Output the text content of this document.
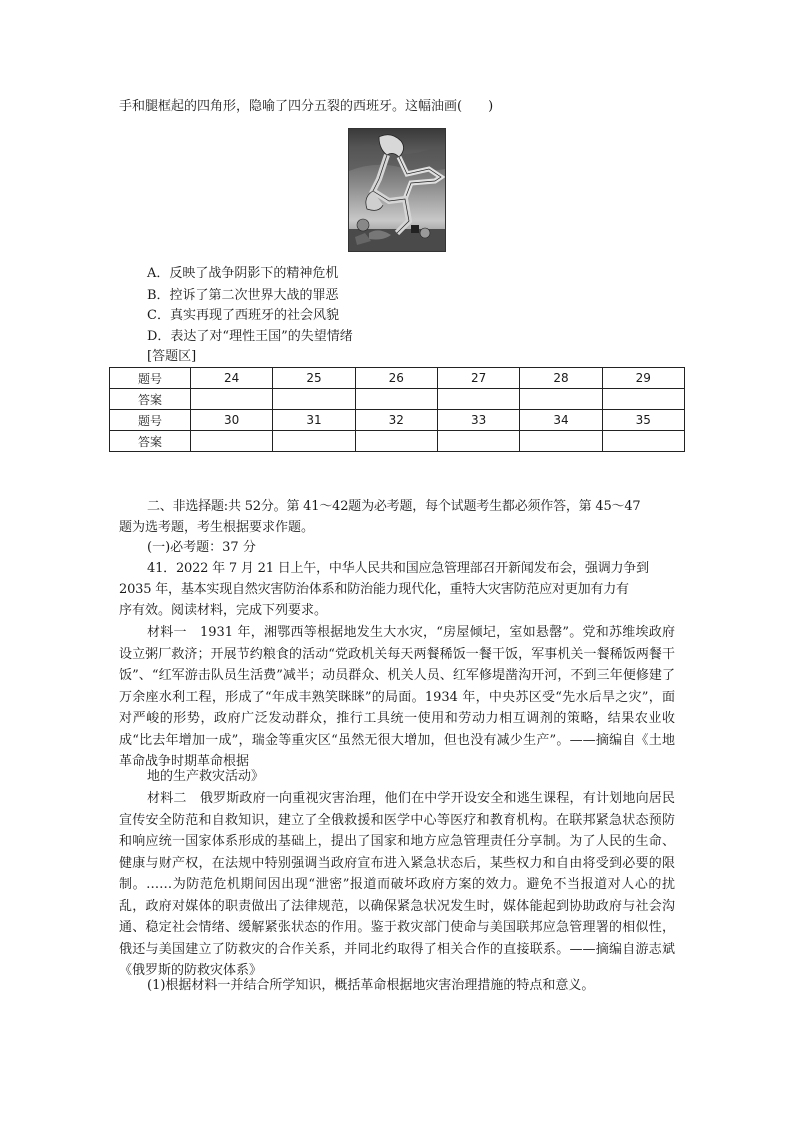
手和腿框起的四角形，隐喻了四分五裂的西班牙。这幅油画(　　)
A．反映了战争阴影下的精神危机
B．控诉了第二次世界大战的罪恶
C．真实再现了西班牙的社会风貌
D．表达了对“理性王国”的失望情绪
[答题区]
题号	24	25	26	27	28	29
答案						
题号	30	31	32	33	34	35
答案						
二、非选择题:共 52分。第 41～42题为必考题，每个试题考生都必须作答，第 45～47
题为选考题，考生根据要求作题。
(一)必考题：37 分
41．2022 年 7 月 21 日上午，中华人民共和国应急管理部召开新闻发布会，强调力争到
2035 年，基本实现自然灾害防治体系和防治能力现代化，重特大灾害防范应对更加有力有
序有效。阅读材料，完成下列要求。
材料一　1931 年，湘鄂西等根据地发生大水灾，“房屋倾圮，室如悬罄”。党和苏维埃政府设立粥厂救济；开展节约粮食的活动“党政机关每天两餐稀饭一餐干饭，军事机关一餐稀饭两餐干饭”、“红军游击队员生活费”减半；动员群众、机关人员、红军修堤凿沟开河，不到三年便修建了万余座水利工程，形成了“年成丰熟笑眯眯”的局面。1934 年，中央苏区受“先水后旱之灾”，面对严峻的形势，政府广泛发动群众，推行工具统一使用和劳动力相互调剂的策略，结果农业收成“比去年增加一成”，瑞金等重灾区“虽然无很大增加，但也没有减少生产”。——摘编自《土地革命战争时期革命根据
地的生产救灾活动》
材料二　俄罗斯政府一向重视灾害治理，他们在中学开设安全和逃生课程，有计划地向居民宣传安全防范和自救知识，建立了全俄救援和医学中心等医疗和教育机构。在联邦紧急状态预防和响应统一国家体系形成的基础上，提出了国家和地方应急管理责任分享制。为了人民的生命、健康与财产权，在法规中特别强调当政府宣布进入紧急状态后，某些权力和自由将受到必要的限制。……为防范危机期间因出现“泄密”报道而破坏政府方案的效力。避免不当报道对人心的扰乱，政府对媒体的职责做出了法律规范，以确保紧急状况发生时，媒体能起到协助政府与社会沟通、稳定社会情绪、缓解紧张状态的作用。鉴于救灾部门使命与美国联邦应急管理署的相似性，俄还与美国建立了防救灾的合作关系，并同北约取得了相关合作的直接联系。——摘编自游志斌《俄罗斯的防救灾体系》
(1)根据材料一并结合所学知识，概括革命根据地灾害治理措施的特点和意义。
